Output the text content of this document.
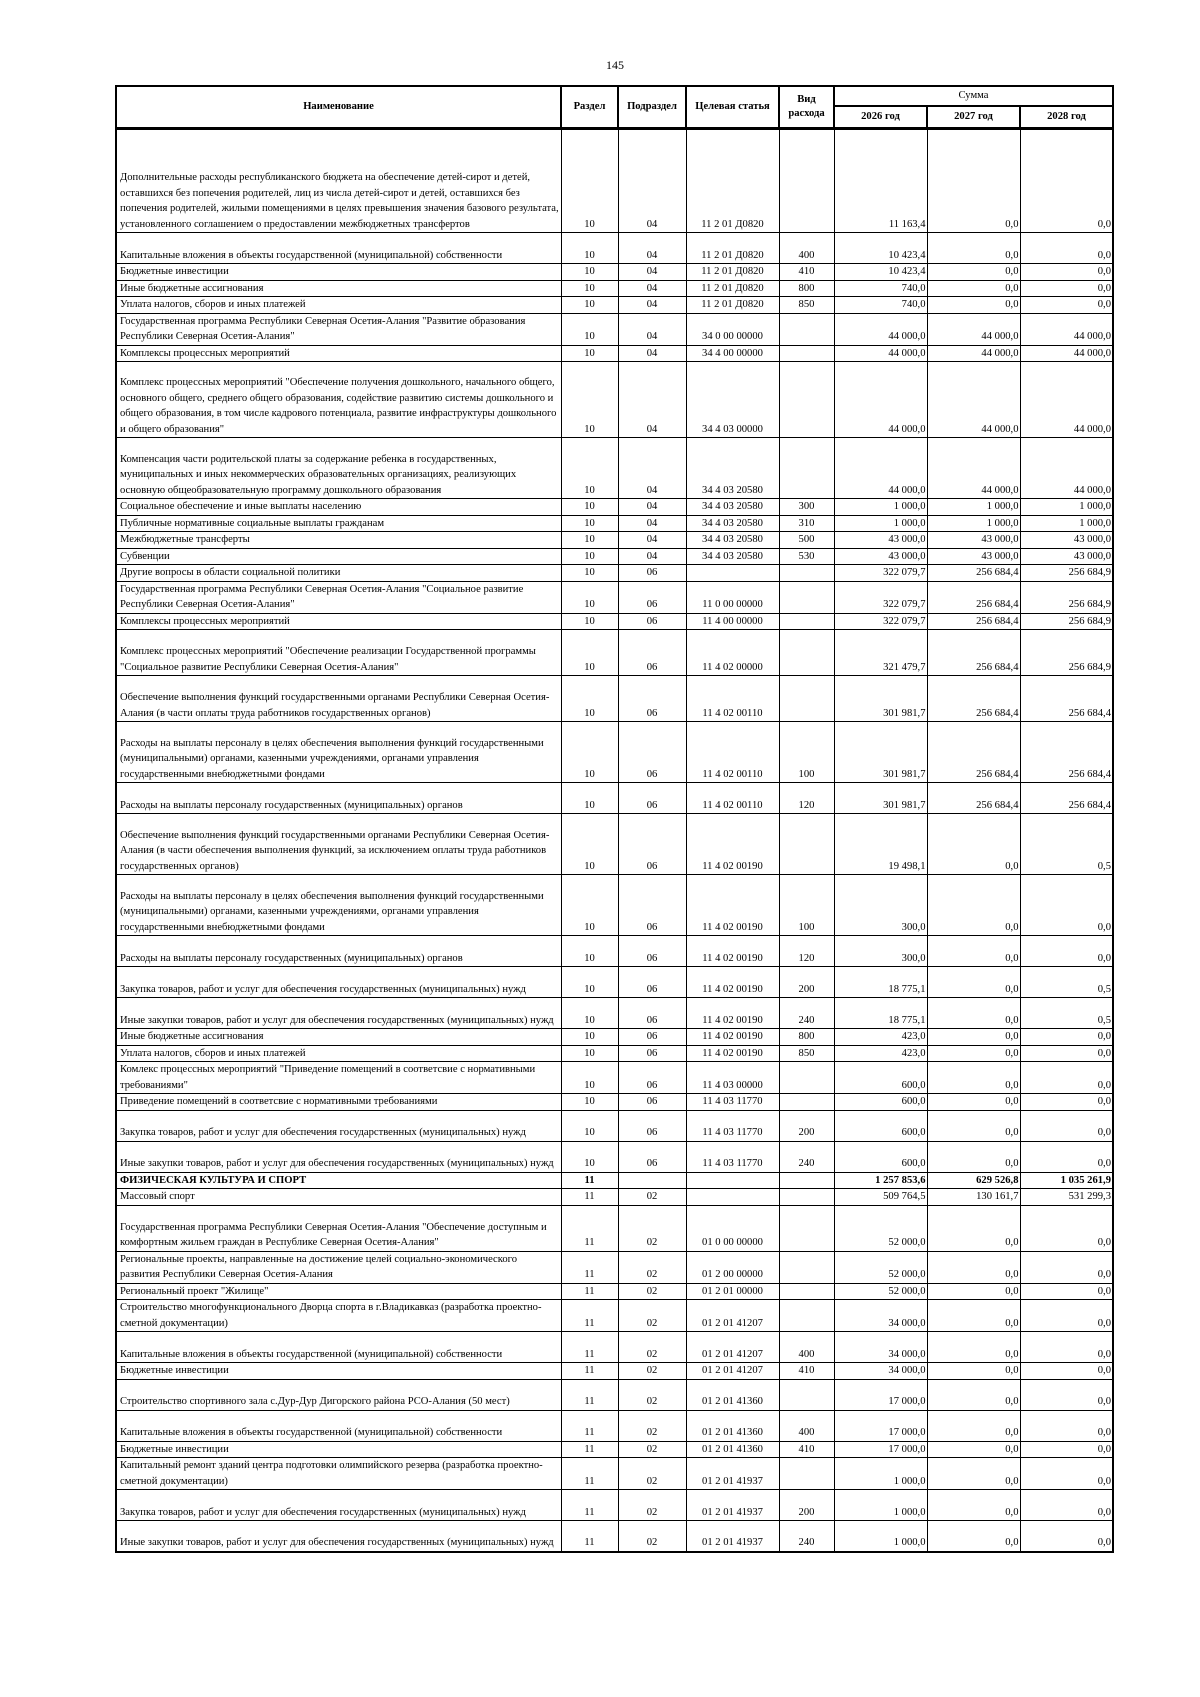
145
Наименование	Раздел	Подраздел	Целевая статья	Вид расхода	Сумма		
					2026 год	2027 год	2028 год
Дополнительные расходы республиканского бюджета на обеспечение детей-сирот и детей, оставшихся без попечения родителей, лиц из числа детей-сирот и детей, оставшихся без попечения родителей, жилыми помещениями в целях превышения значения базового результата, установленного соглашением о предоставлении межбюджетных трансфертов	10	04	11 2 01 Д0820		11 163,4	0,0	0,0
Капитальные вложения в объекты государственной (муниципальной) собственности	10	04	11 2 01 Д0820	400	10 423,4	0,0	0,0
Бюджетные инвестиции	10	04	11 2 01 Д0820	410	10 423,4	0,0	0,0
Иные бюджетные ассигнования	10	04	11 2 01 Д0820	800	740,0	0,0	0,0
Уплата налогов, сборов и иных платежей	10	04	11 2 01 Д0820	850	740,0	0,0	0,0
Государственная программа Республики Северная Осетия-Алания "Развитие образования Республики Северная Осетия-Алания"	10	04	34 0 00 00000		44 000,0	44 000,0	44 000,0
Комплексы процессных мероприятий	10	04	34 4 00 00000		44 000,0	44 000,0	44 000,0
Комплекс процессных мероприятий "Обеспечение получения дошкольного, начального общего, основного общего, среднего общего образования, содействие развитию системы дошкольного и общего образования, в том числе кадрового потенциала, развитие инфраструктуры дошкольного и общего образования"	10	04	34 4 03 00000		44 000,0	44 000,0	44 000,0
Компенсация части родительской платы за содержание ребенка в государственных, муниципальных и иных некоммерческих образовательных организациях, реализующих основную общеобразовательную программу дошкольного образования	10	04	34 4 03 20580		44 000,0	44 000,0	44 000,0
Социальное обеспечение и иные выплаты населению	10	04	34 4 03 20580	300	1 000,0	1 000,0	1 000,0
Публичные нормативные социальные выплаты гражданам	10	04	34 4 03 20580	310	1 000,0	1 000,0	1 000,0
Межбюджетные трансферты	10	04	34 4 03 20580	500	43 000,0	43 000,0	43 000,0
Субвенции	10	04	34 4 03 20580	530	43 000,0	43 000,0	43 000,0
Другие вопросы в области социальной политики	10	06			322 079,7	256 684,4	256 684,9
Государственная программа Республики Северная Осетия-Алания "Социальное развитие Республики Северная Осетия-Алания"	10	06	11 0 00 00000		322 079,7	256 684,4	256 684,9
Комплексы процессных мероприятий	10	06	11 4 00 00000		322 079,7	256 684,4	256 684,9
Комплекс процессных мероприятий "Обеспечение реализации Государственной программы "Социальное развитие Республики Северная Осетия-Алания"	10	06	11 4 02 00000		321 479,7	256 684,4	256 684,9
Обеспечение выполнения функций государственными органами Республики Северная Осетия-Алания (в части оплаты труда работников государственных органов)	10	06	11 4 02 00110		301 981,7	256 684,4	256 684,4
Расходы на выплаты персоналу в целях обеспечения выполнения функций государственными (муниципальными) органами, казенными учреждениями, органами управления государственными внебюджетными фондами	10	06	11 4 02 00110	100	301 981,7	256 684,4	256 684,4
Расходы на выплаты персоналу государственных (муниципальных) органов	10	06	11 4 02 00110	120	301 981,7	256 684,4	256 684,4
Обеспечение выполнения функций государственными органами Республики Северная Осетия-Алания (в части обеспечения выполнения функций, за исключением оплаты труда работников государственных органов)	10	06	11 4 02 00190		19 498,1	0,0	0,5
Расходы на выплаты персоналу в целях обеспечения выполнения функций государственными (муниципальными) органами, казенными учреждениями, органами управления государственными внебюджетными фондами	10	06	11 4 02 00190	100	300,0	0,0	0,0
Расходы на выплаты персоналу государственных (муниципальных) органов	10	06	11 4 02 00190	120	300,0	0,0	0,0
Закупка товаров, работ и услуг для обеспечения государственных (муниципальных) нужд	10	06	11 4 02 00190	200	18 775,1	0,0	0,5
Иные закупки товаров, работ и услуг для обеспечения государственных (муниципальных) нужд	10	06	11 4 02 00190	240	18 775,1	0,0	0,5
Иные бюджетные ассигнования	10	06	11 4 02 00190	800	423,0	0,0	0,0
Уплата налогов, сборов и иных платежей	10	06	11 4 02 00190	850	423,0	0,0	0,0
Комлекс процессных мероприятий "Приведение помещений в соответсвие с нормативными требованиями"	10	06	11 4 03 00000		600,0	0,0	0,0
Приведение помещений в соответсвие с нормативными требованиями	10	06	11 4 03 11770		600,0	0,0	0,0
Закупка товаров, работ и услуг для обеспечения государственных (муниципальных) нужд	10	06	11 4 03 11770	200	600,0	0,0	0,0
Иные закупки товаров, работ и услуг для обеспечения государственных (муниципальных) нужд	10	06	11 4 03 11770	240	600,0	0,0	0,0
ФИЗИЧЕСКАЯ КУЛЬТУРА И СПОРТ	11				1 257 853,6	629 526,8	1 035 261,9
Массовый спорт	11	02			509 764,5	130 161,7	531 299,3
Государственная программа Республики Северная Осетия-Алания "Обеспечение доступным и комфортным жильем граждан в Республике Северная Осетия-Алания"	11	02	01 0 00 00000		52 000,0	0,0	0,0
Региональные проекты, направленные на достижение целей социально-экономического развития Республики Северная Осетия-Алания	11	02	01 2 00 00000		52 000,0	0,0	0,0
Региональный проект "Жилище"	11	02	01 2 01 00000		52 000,0	0,0	0,0
Строительство многофункционального Дворца спорта в г.Владикавказ (разработка проектно-сметной документации)	11	02	01 2 01 41207		34 000,0	0,0	0,0
Капитальные вложения в объекты государственной (муниципальной) собственности	11	02	01 2 01 41207	400	34 000,0	0,0	0,0
Бюджетные инвестиции	11	02	01 2 01 41207	410	34 000,0	0,0	0,0
Строительство спортивного зала с.Дур-Дур Дигорского района РСО-Алания (50 мест)	11	02	01 2 01 41360		17 000,0	0,0	0,0
Капитальные вложения в объекты государственной (муниципальной) собственности	11	02	01 2 01 41360	400	17 000,0	0,0	0,0
Бюджетные инвестиции	11	02	01 2 01 41360	410	17 000,0	0,0	0,0
Капитальный ремонт зданий центра подготовки олимпийского резерва (разработка проектно-сметной документации)	11	02	01 2 01 41937		1 000,0	0,0	0,0
Закупка товаров, работ и услуг для обеспечения государственных (муниципальных) нужд	11	02	01 2 01 41937	200	1 000,0	0,0	0,0
Иные закупки товаров, работ и услуг для обеспечения государственных (муниципальных) нужд	11	02	01 2 01 41937	240	1 000,0	0,0	0,0
